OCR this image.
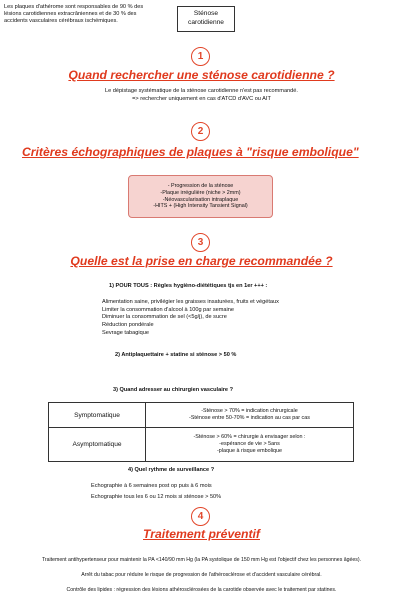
Les plaques d'athérome sont responsables de 90 % des
lésions carotidiennes extracrâniennes et de 30 % des
accidents vasculaires cérébraux ischémiques.
Sténose
carotidienne
1
Quand rechercher une sténose carotidienne ?
Le dépistage systématique de la sténose carotidienne n'est pas recommandé.
=> rechercher uniquement en cas d'ATCD d'AVC ou AIT
2
Critères échographiques de plaques à "risque embolique"
- Progression de la sténose
-Plaque irrégulière (niche > 2mm)
-Néovascularisation intraplaque
-HITS + (High Intensity Tansient Signal)
3
Quelle est la prise en charge recommandée ?
1) POUR TOUS : Règles hygièno-diététiques tjs en 1er +++ :
Alimentation saine, privilégier les graisses insaturées, fruits et végétaux
Limiter la consommation d'alcool à 100g par semaine
Diminuer la consommation de sel (<5g/j), de sucre
Réduction pondérale
Sevrage tabagique
2) Antiplaquettaire + statine si sténose > 50 %
3) Quand adresser au chirurgien vasculaire ?
Symptomatique	-Sténose > 70% = indication chirurgicale
-Sténose entre 50-70% = indication au cas par cas

Asymptomatique	-Sténose > 60% = chirurgie à envisager selon :
-espérance de vie > 5ans
-plaque à risque embolique
4) Quel rythme de surveillance ?
Echographie à 6 semaines post op puis à 6 mois
Echographie tous les 6 ou 12 mois si sténose > 50%
4
Traitement préventif
Traitement antihypertenseur pour maintenir la PA <140/90 mm Hg (la PA systolique de 150 mm Hg est l'objectif chez les personnes âgées).
Arrêt du tabac pour réduire le risque de progression de l'athérosclérose et d'accident vasculaire cérébral.
Contrôle des lipides : régression des lésions athérosclérosées de la carotide observée avec le traitement par statines.
